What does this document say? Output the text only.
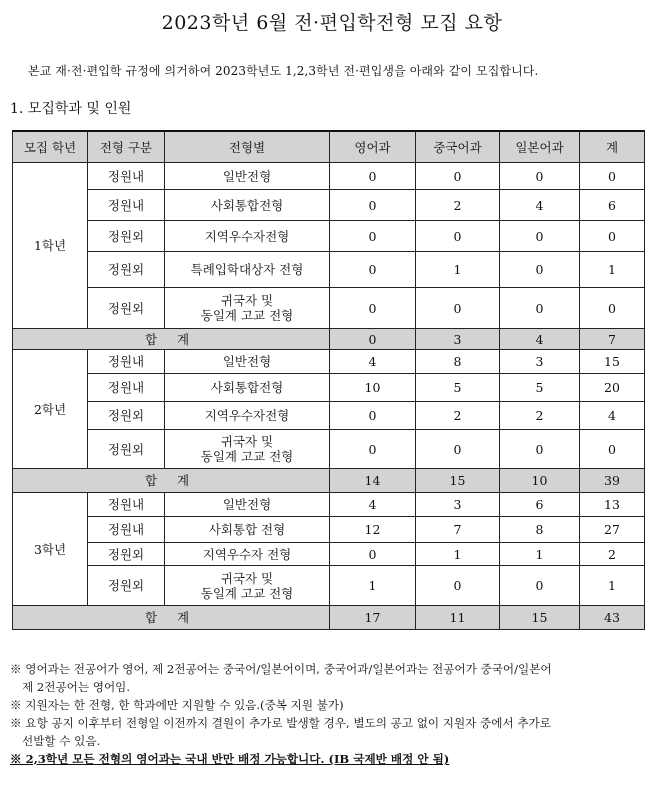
2023학년 6월 전·편입학전형 모집 요항
본교 재·전·편입학 규정에 의거하여 2023학년도 1,2,3학년 전·편입생을 아래와 같이 모집합니다.
1. 모집학과 및 인원
모집 학년	전형 구분	전형별	영어과	중국어과	일본어과	계
1학년	정원내	일반전형	0	0	0	0
	정원내	사회통합전형	0	2	4	6
	정원외	지역우수자전형	0	0	0	0
	정원외	특례입학대상자 전형	0	1	0	1
	정원외	귀국자 및
동일계 고교 전형	0	0	0	0
합 계			0	3	4	7
2학년	정원내	일반전형	4	8	3	15
	정원내	사회통합전형	10	5	5	20
	정원외	지역우수자전형	0	2	2	4
	정원외	귀국자 및
동일계 고교 전형	0	0	0	0
합 계			14	15	10	39
3학년	정원내	일반전형	4	3	6	13
	정원내	사회통합 전형	12	7	8	27
	정원외	지역우수자 전형	0	1	1	2
	정원외	귀국자 및
동일계 고교 전형	1	0	0	1
합 계			17	11	15	43

※ 영어과는 전공어가 영어, 제 2전공어는 중국어/일본어이며, 중국어과/일본어과는 전공어가 중국어/일본어

제 2전공어는 영어임.

※ 지원자는 한 전형, 한 학과에만 지원할 수 있음.(중복 지원 불가)

※ 요항 공지 이후부터 전형일 이전까지 결원이 추가로 발생할 경우, 별도의 공고 없이 지원자 중에서 추가로

선발할 수 있음.

※ 2,3학년 모든 전형의 영어과는 국내 반만 배정 가능합니다. (IB 국제반 배정 안 됨)
